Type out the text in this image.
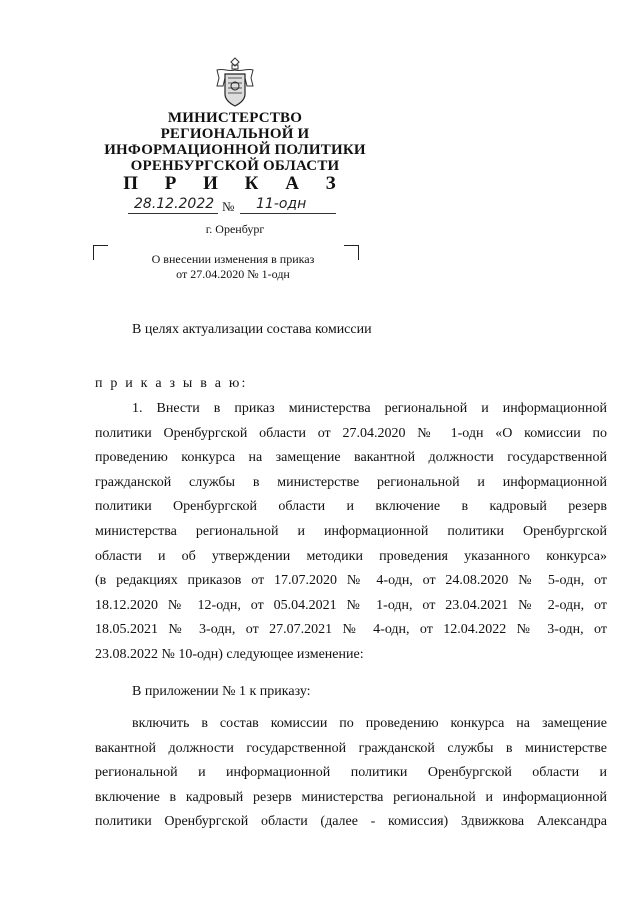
МИНИСТЕРСТВО
РЕГИОНАЛЬНОЙ И
ИНФОРМАЦИОННОЙ ПОЛИТИКИ
ОРЕНБУРГСКОЙ ОБЛАСТИ
П Р И К А З
28.12.2022 № 11-одн
г. Оренбург
О внесении изменения в приказ
от 27.04.2020 № 1-одн
В целях актуализации состава комиссии
п р и к а з ы в а ю:
1. Внести в приказ министерства региональной и информационной
политики Оренбургской области от 27.04.2020 № 1-одн «О комиссии по
проведению конкурса на замещение вакантной должности государственной
гражданской службы в министерстве региональной и информационной
политики Оренбургской области и включение в кадровый резерв
министерства региональной и информационной политики Оренбургской
области и об утверждении методики проведения указанного конкурса»
(в редакциях приказов от 17.07.2020 № 4-одн, от 24.08.2020 № 5-одн, от
18.12.2020 № 12-одн, от 05.04.2021 № 1-одн, от 23.04.2021 № 2-одн, от
18.05.2021 № 3-одн, от 27.07.2021 № 4-одн, от 12.04.2022 № 3-одн, от
23.08.2022 № 10-одн) следующее изменение:
В приложении № 1 к приказу:
включить в состав комиссии по проведению конкурса на замещение
вакантной должности государственной гражданской службы в министерстве
региональной и информационной политики Оренбургской области и
включение в кадровый резерв министерства региональной и информационной
политики Оренбургской области (далее - комиссия) Здвижкова Александра
